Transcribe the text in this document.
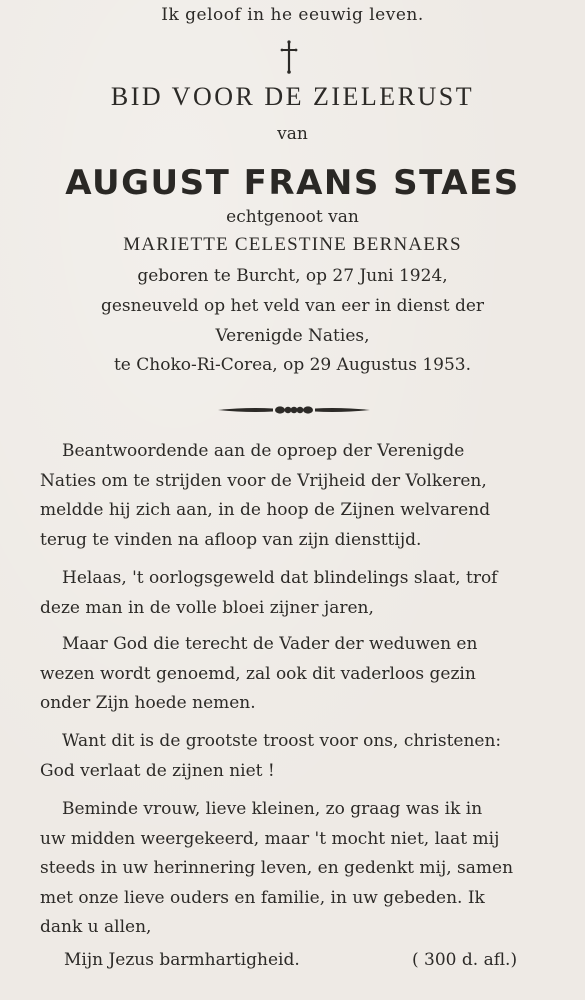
Ik geloof in he eeuwig leven.
BID VOOR DE ZIELERUST
van
AUGUST FRANS STAES
echtgenoot van
MARIETTE CELESTINE BERNAERS
geboren te Burcht, op 27 Juni 1924,
gesneuveld op het veld van eer in dienst der
Verenigde Naties,
te Choko-Ri-Corea, op 29 Augustus 1953.
Beantwoordende aan de oproep der Verenigde
Naties om te strijden voor de Vrijheid der Volkeren,
meldde hij zich aan, in de hoop de Zijnen welvarend
terug te vinden na afloop van zijn diensttijd.
Helaas, 't oorlogsgeweld dat blindelings slaat, trof
deze man in de volle bloei zijner jaren,
Maar God die terecht de Vader der weduwen en
wezen wordt genoemd, zal ook dit vaderloos gezin
onder Zijn hoede nemen.
Want dit is de grootste troost voor ons, christenen:
God verlaat de zijnen niet !
Beminde vrouw, lieve kleinen, zo graag was ik in
uw midden weergekeerd, maar 't mocht niet, laat mij
steeds in uw herinnering leven, en gedenkt mij, samen
met onze lieve ouders en familie, in uw gebeden. Ik
dank u allen,
Mijn Jezus barmhartigheid.	( 300 d. afl.)
